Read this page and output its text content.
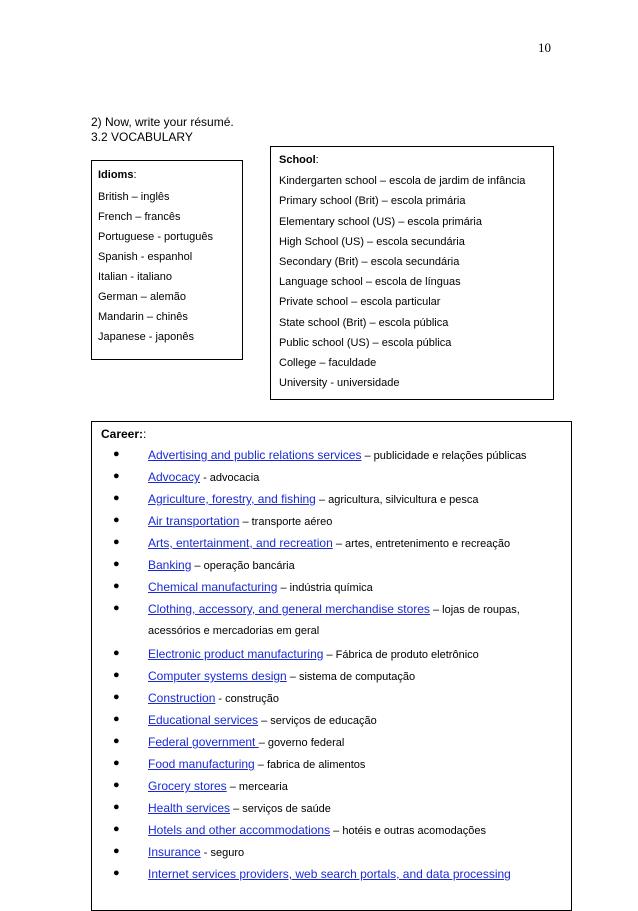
10
2) Now, write your résumé.
3.2 VOCABULARY
Idioms:
British – inglês
French – francês
Portuguese - português
Spanish - espanhol
Italian - italiano
German – alemão
Mandarin – chinês
Japanese - japonês
School:
Kindergarten school – escola de jardim de infância
Primary school (Brit) – escola primária
Elementary school (US) – escola primária
High School (US) – escola secundária
Secondary (Brit) – escola secundária
Language school – escola de línguas
Private school – escola particular
State school (Brit) – escola pública
Public school (US) – escola pública
College – faculdade
University - universidade
Career::
● Advertising and public relations services – publicidade e relações públicas
● Advocacy - advocacia
● Agriculture, forestry, and fishing – agricultura, silvicultura e pesca
● Air transportation – transporte aéreo
● Arts, entertainment, and recreation – artes, entretenimento e recreação
● Banking – operação bancária
● Chemical manufacturing – indústria química
● Clothing, accessory, and general merchandise stores – lojas de roupas,
acessórios e mercadorias em geral
● Electronic product manufacturing – Fábrica de produto eletrônico
● Computer systems design – sistema de computação
● Construction - construção
● Educational services – serviços de educação
● Federal government – governo federal
● Food manufacturing – fabrica de alimentos
● Grocery stores – mercearia
● Health services – serviços de saúde
● Hotels and other accommodations – hotéis e outras acomodações
● Insurance - seguro
● Internet services providers, web search portals, and data processing
